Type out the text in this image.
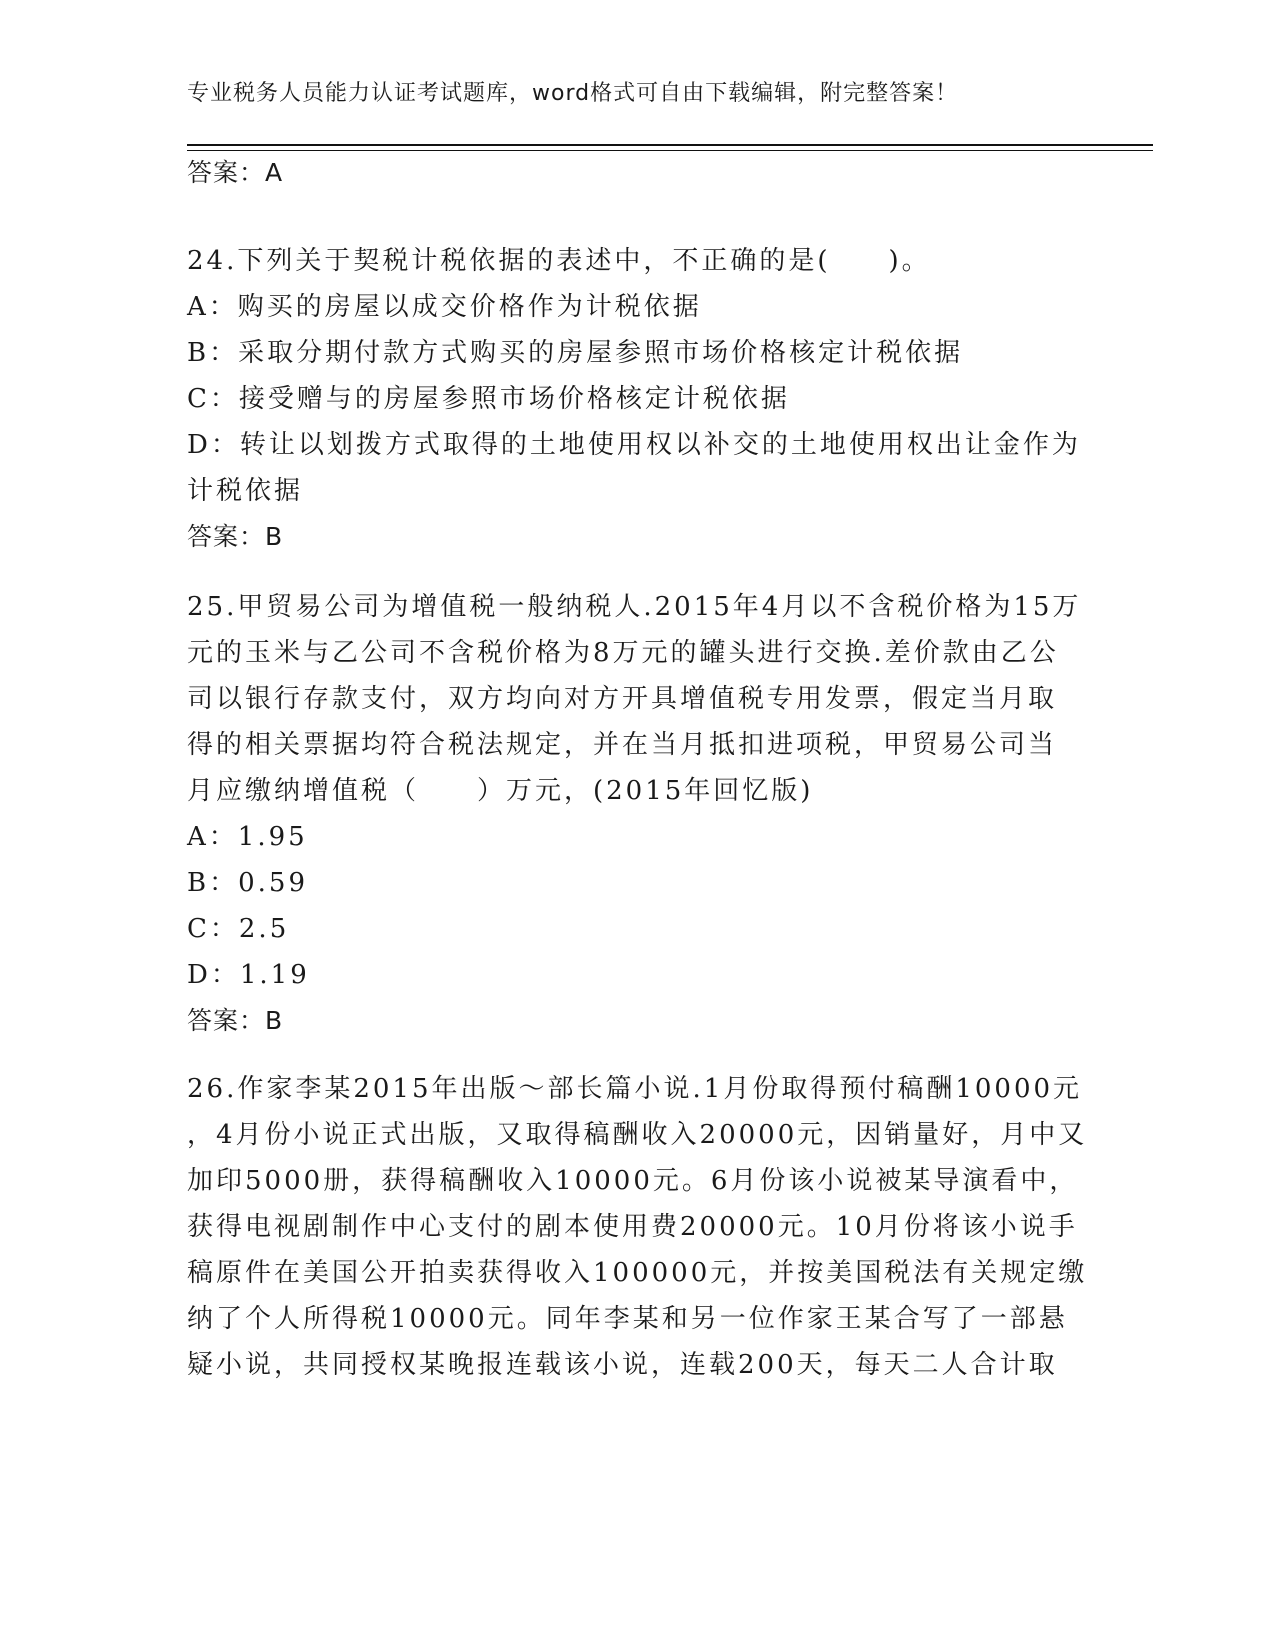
专业税务人员能力认证考试题库，word格式可自由下载编辑，附完整答案！
答案：A
24.下列关于契税计税依据的表述中，不正确的是(　　)。
A：购买的房屋以成交价格作为计税依据
B：采取分期付款方式购买的房屋参照市场价格核定计税依据
C：接受赠与的房屋参照市场价格核定计税依据
D：转让以划拨方式取得的土地使用权以补交的土地使用权出让金作为
计税依据
答案：B
25.甲贸易公司为增值税一般纳税人.2015年4月以不含税价格为15万
元的玉米与乙公司不含税价格为8万元的罐头进行交换.差价款由乙公
司以银行存款支付，双方均向对方开具增值税专用发票，假定当月取
得的相关票据均符合税法规定，并在当月抵扣进项税，甲贸易公司当
月应缴纳增值税（　　）万元，(2015年回忆版)
A：1.95
B：0.59
C：2.5
D：1.19
答案：B
26.作家李某2015年出版～部长篇小说.1月份取得预付稿酬10000元
，4月份小说正式出版，又取得稿酬收入20000元，因销量好，月中又
加印5000册，获得稿酬收入10000元。6月份该小说被某导演看中，
获得电视剧制作中心支付的剧本使用费20000元。10月份将该小说手
稿原件在美国公开拍卖获得收入100000元，并按美国税法有关规定缴
纳了个人所得税10000元。同年李某和另一位作家王某合写了一部悬
疑小说，共同授权某晚报连载该小说，连载200天，每天二人合计取
